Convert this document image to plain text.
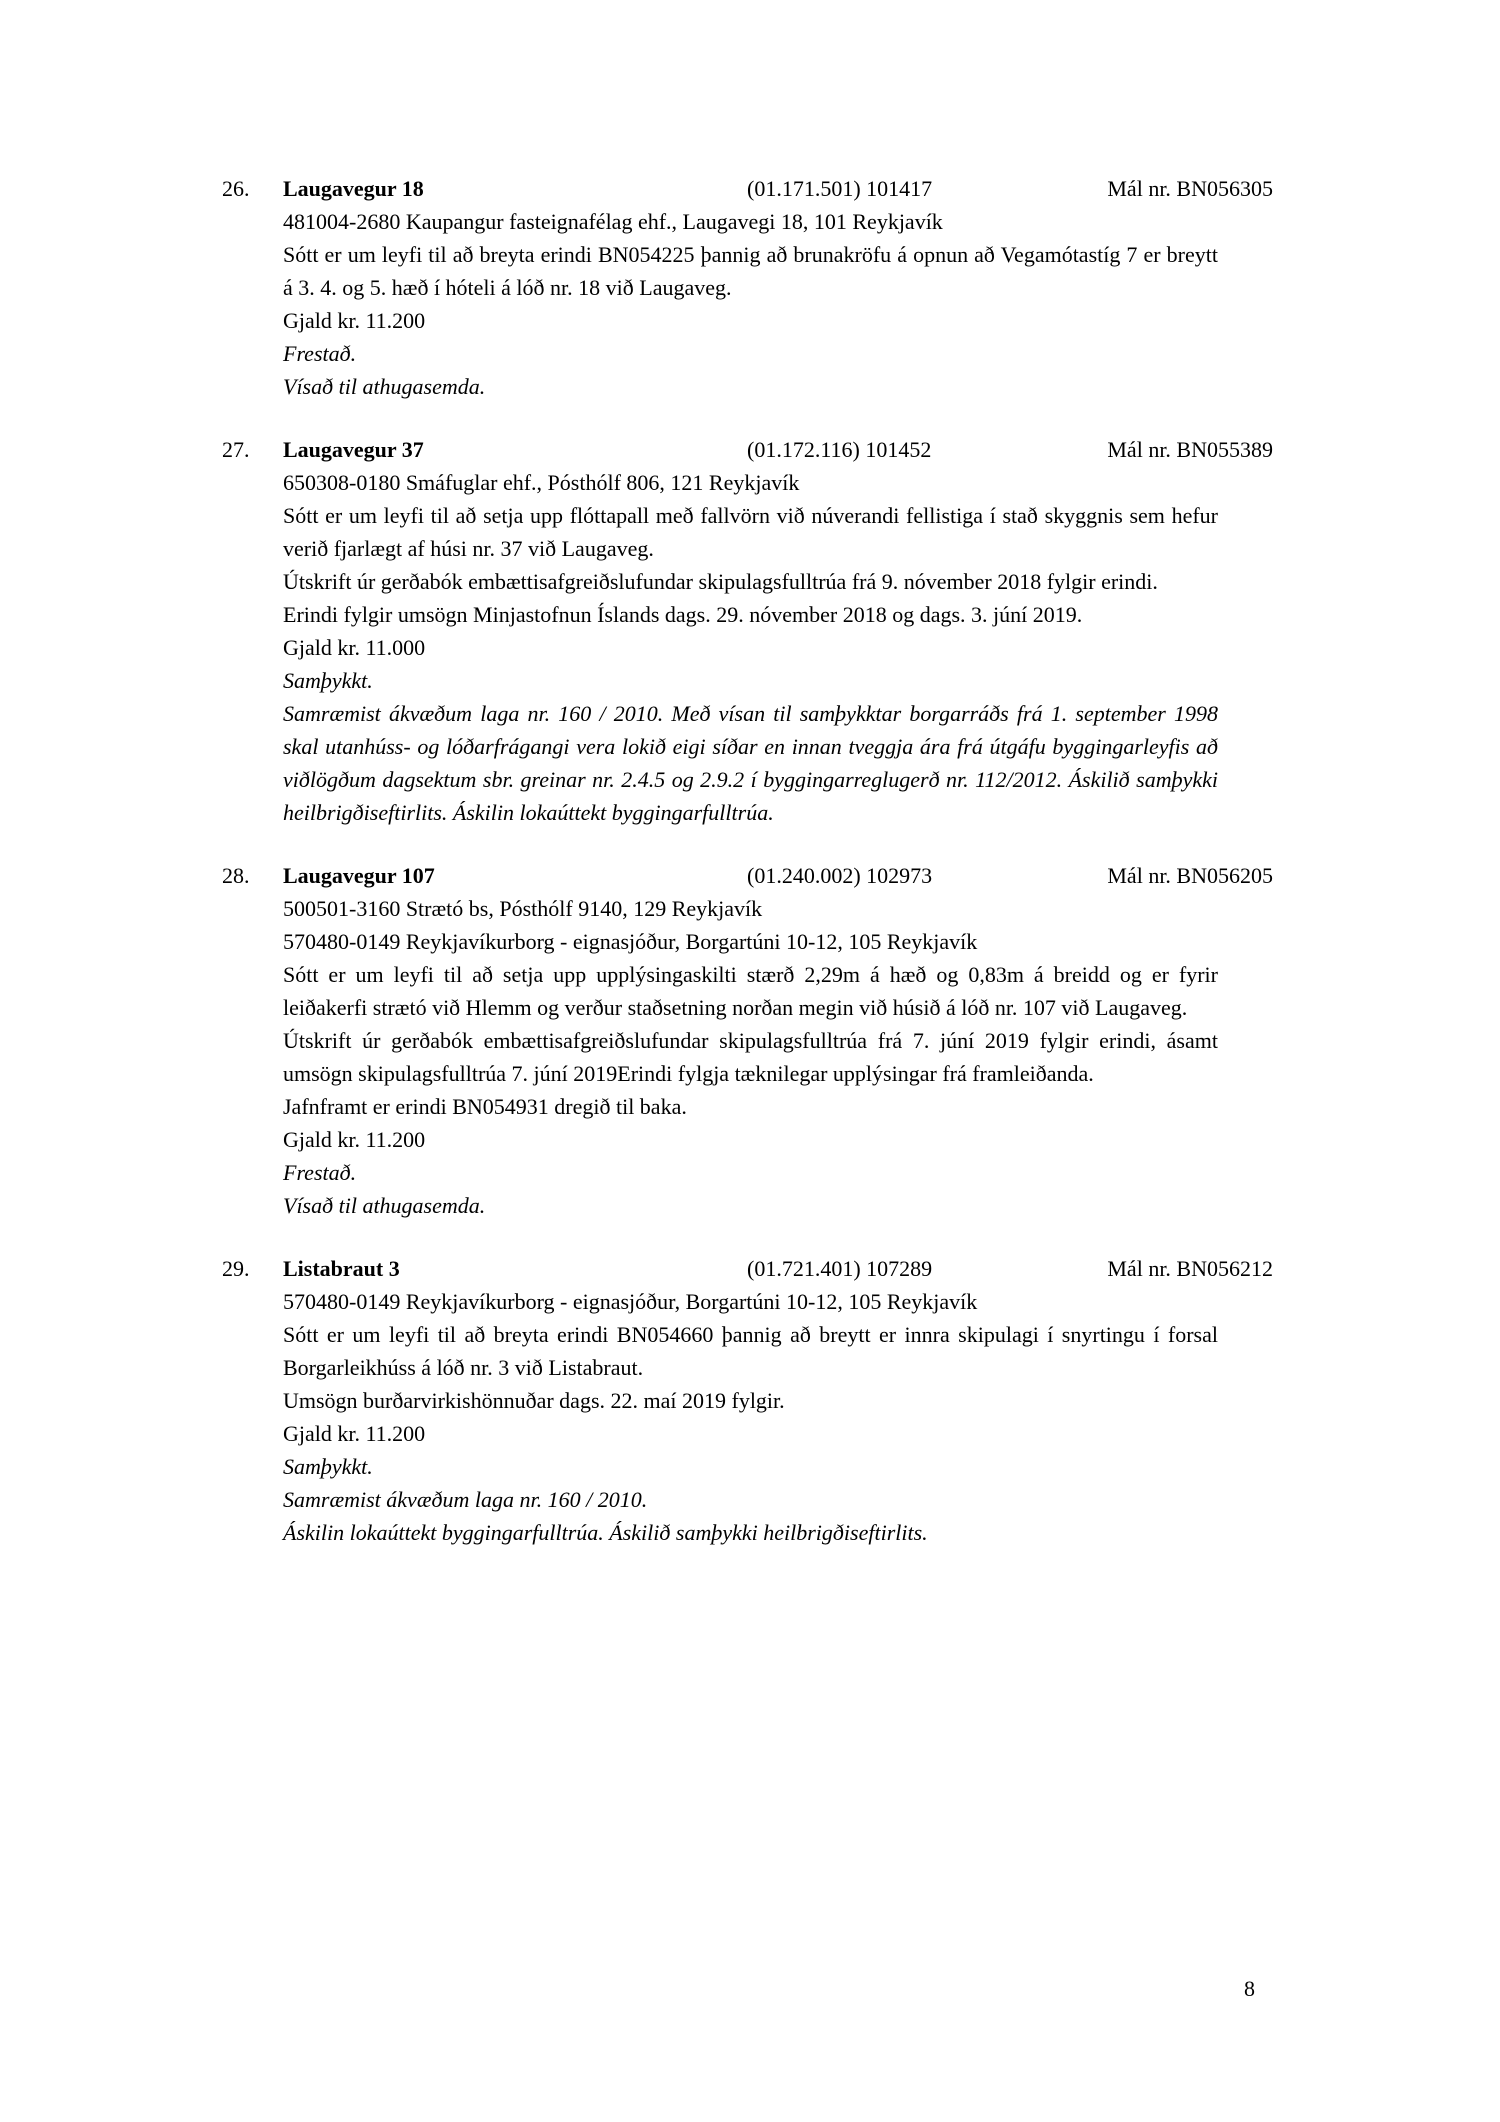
26.	Laugavegur 18	(01.171.501) 101417	Mál nr. BN056305

481004-2680 Kaupangur fasteignafélag ehf., Laugavegi 18, 101 Reykjavík

Sótt er um leyfi til að breyta erindi BN054225 þannig að brunakröfu á opnun að Vegamótastíg 7 er breytt á 3. 4. og 5. hæð í hóteli á lóð nr. 18 við Laugaveg.

Gjald kr. 11.200

Frestað.

Vísað til athugasemda.

27.	Laugavegur 37	(01.172.116) 101452	Mál nr. BN055389

650308-0180 Smáfuglar ehf., Pósthólf 806, 121 Reykjavík

Sótt er um leyfi til að setja upp flóttapall með fallvörn við núverandi fellistiga í stað skyggnis sem hefur verið fjarlægt af húsi nr. 37 við Laugaveg.

Útskrift úr gerðabók embættisafgreiðslufundar skipulagsfulltrúa frá 9. nóvember 2018 fylgir erindi.

Erindi fylgir umsögn Minjastofnun Íslands dags. 29. nóvember 2018 og dags. 3. júní 2019.

Gjald kr. 11.000

Samþykkt.

Samræmist ákvæðum laga nr. 160 / 2010. Með vísan til samþykktar borgarráðs frá 1. september 1998 skal utanhúss- og lóðarfrágangi vera lokið eigi síðar en innan tveggja ára frá útgáfu byggingarleyfis að viðlögðum dagsektum sbr. greinar nr. 2.4.5 og 2.9.2 í byggingarreglugerð nr. 112/2012. Áskilið samþykki heilbrigðiseftirlits. Áskilin lokaúttekt byggingarfulltrúa.

28.	Laugavegur 107	(01.240.002) 102973	Mál nr. BN056205

500501-3160 Strætó bs, Pósthólf 9140, 129 Reykjavík

570480-0149 Reykjavíkurborg - eignasjóður, Borgartúni 10-12, 105 Reykjavík

Sótt er um leyfi til að setja upp upplýsingaskilti stærð 2,29m á hæð og 0,83m á breidd og er fyrir leiðakerfi strætó við Hlemm og verður staðsetning norðan megin við húsið á lóð nr. 107 við Laugaveg.

Útskrift úr gerðabók embættisafgreiðslufundar skipulagsfulltrúa frá 7. júní 2019 fylgir erindi, ásamt umsögn skipulagsfulltrúa 7. júní 2019Erindi fylgja tæknilegar upplýsingar frá framleiðanda.

Jafnframt er erindi BN054931 dregið til baka.

Gjald kr. 11.200

Frestað.

Vísað til athugasemda.

29.	Listabraut 3	(01.721.401) 107289	Mál nr. BN056212

570480-0149 Reykjavíkurborg - eignasjóður, Borgartúni 10-12, 105 Reykjavík

Sótt er um leyfi til að breyta erindi BN054660 þannig að breytt er innra skipulagi í snyrtingu í forsal Borgarleikhúss á lóð nr. 3 við Listabraut.

Umsögn burðarvirkishönnuðar dags. 22. maí 2019 fylgir.

Gjald kr. 11.200

Samþykkt.

Samræmist ákvæðum laga nr. 160 / 2010.

Áskilin lokaúttekt byggingarfulltrúa. Áskilið samþykki heilbrigðiseftirlits.

8
